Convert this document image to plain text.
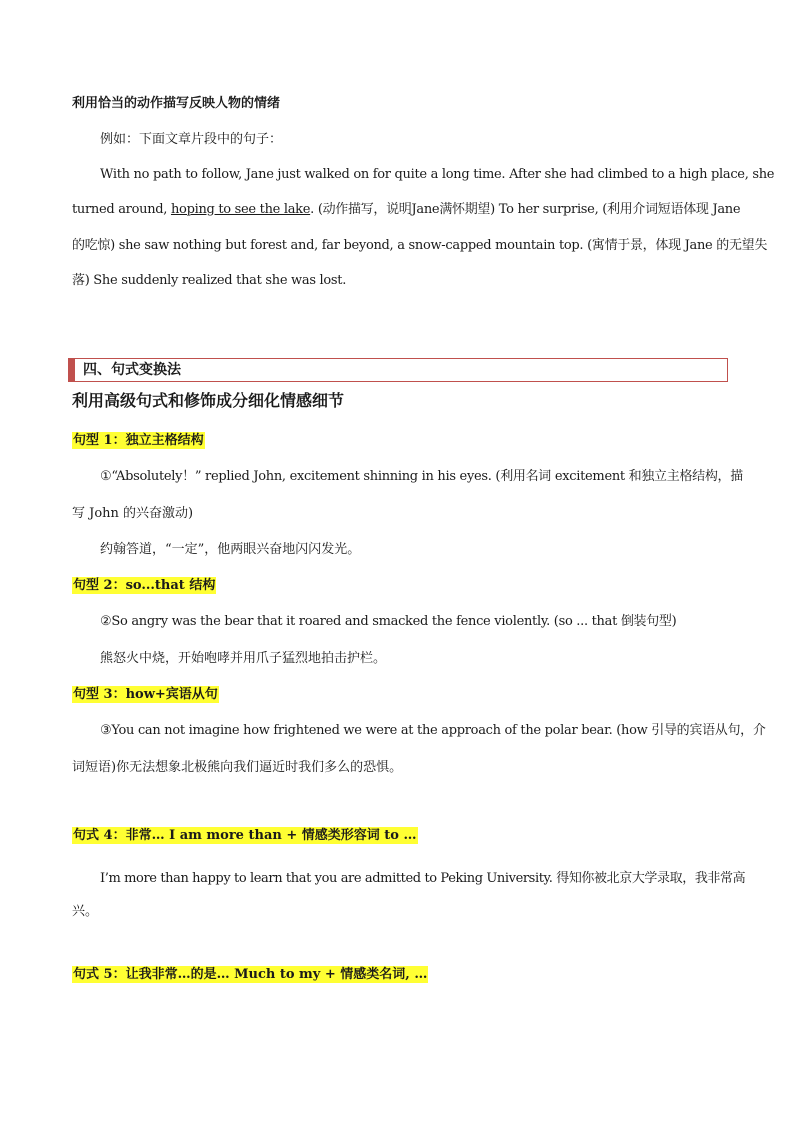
利用恰当的动作描写反映人物的情绪
例如：下面文章片段中的句子：
With no path to follow, Jane just walked on for quite a long time. After she had climbed to a high place, she
turned around, hoping to see the lake. (动作描写，说明Jane满怀期望) To her surprise, (利用介词短语体现 Jane
的吃惊) she saw nothing but forest and, far beyond, a snow-capped mountain top. (寓情于景，体现 Jane 的无望失
落) She suddenly realized that she was lost.
四、句式变换法
利用高级句式和修饰成分细化情感细节
句型 1：独立主格结构
①“Absolutely！” replied John, excitement shinning in his eyes. (利用名词 excitement 和独立主格结构，描
写 John 的兴奋激动)
约翰答道，“一定”，他两眼兴奋地闪闪发光。
句型 2：so...that 结构
②So angry was the bear that it roared and smacked the fence violently. (so ... that 倒装句型)
熊怒火中烧，开始咆哮并用爪子猛烈地拍击护栏。
句型 3：how+宾语从句
③You can not imagine how frightened we were at the approach of the polar bear. (how 引导的宾语从句，介
词短语)你无法想象北极熊向我们逼近时我们多么的恐惧。
句式 4：非常… I am more than + 情感类形容词 to …
I’m more than happy to learn that you are admitted to Peking University. 得知你被北京大学录取，我非常高
兴。
句式 5：让我非常…的是… Much to my + 情感类名词, …
